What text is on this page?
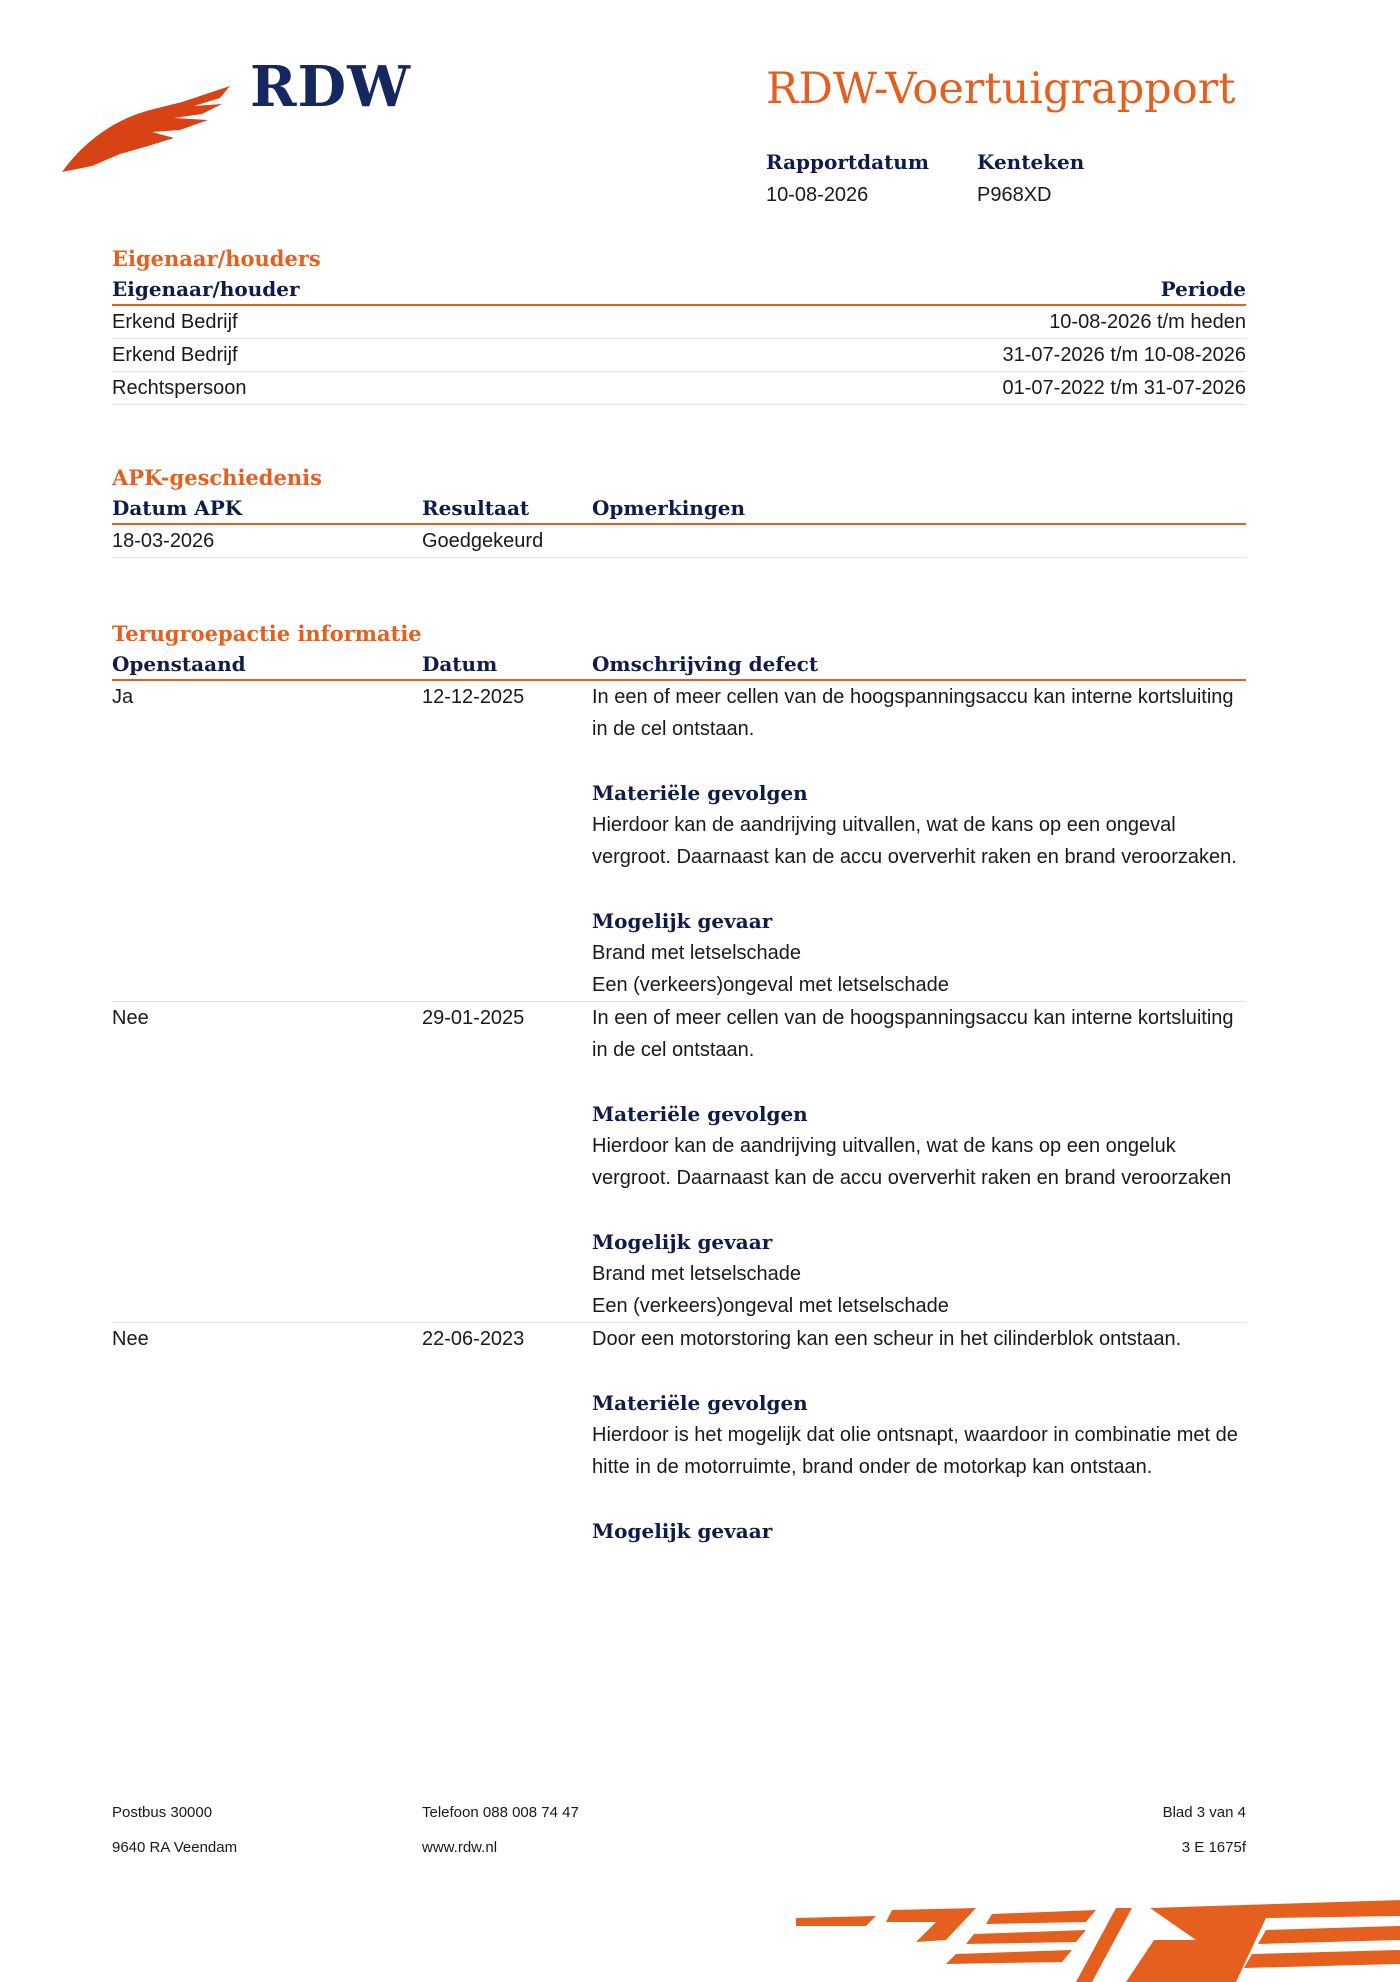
RDW	RDW-Voertuigrapport
Rapportdatum
10-08-2026
Kenteken
P968XD
Eigenaar/houders
Eigenaar/houder	Periode
Erkend Bedrijf	10-08-2026 t/m heden
Erkend Bedrijf	31-07-2026 t/m 10-08-2026
Rechtspersoon	01-07-2022 t/m 31-07-2026
APK-geschiedenis
Datum APK	Resultaat	Opmerkingen
18-03-2026	Goedgekeurd
Terugroepactie informatie
Openstaand	Datum	Omschrijving defect
Ja	12-12-2025	In een of meer cellen van de hoogspanningsaccu kan interne kortsluiting in de cel ontstaan.
Materiële gevolgen
Hierdoor kan de aandrijving uitvallen, wat de kans op een ongeval vergroot. Daarnaast kan de accu oververhit raken en brand veroorzaken.
Mogelijk gevaar
Brand met letselschade
Een (verkeers)ongeval met letselschade
Nee	29-01-2025	In een of meer cellen van de hoogspanningsaccu kan interne kortsluiting in de cel ontstaan.
Materiële gevolgen
Hierdoor kan de aandrijving uitvallen, wat de kans op een ongeluk vergroot. Daarnaast kan de accu oververhit raken en brand veroorzaken
Mogelijk gevaar
Brand met letselschade
Een (verkeers)ongeval met letselschade
Nee	22-06-2023	Door een motorstoring kan een scheur in het cilinderblok ontstaan.
Materiële gevolgen
Hierdoor is het mogelijk dat olie ontsnapt, waardoor in combinatie met de hitte in de motorruimte, brand onder de motorkap kan ontstaan.
Mogelijk gevaar
Postbus 30000
9640 RA Veendam
Telefoon 088 008 74 47
www.rdw.nl
Blad 3 van 4
3 E 1675f
